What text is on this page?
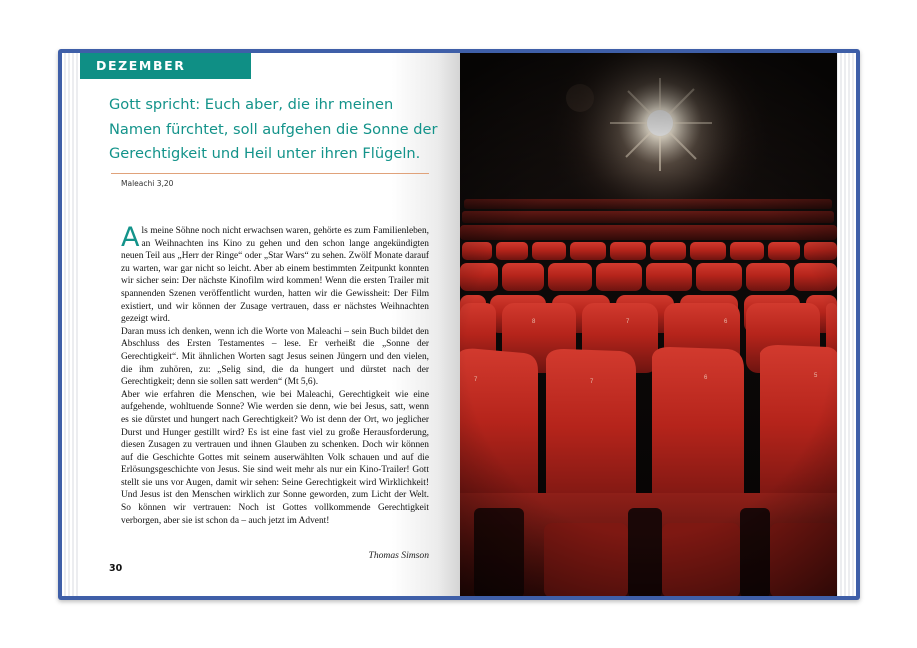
DEZEMBER
Gott spricht: Euch aber, die ihr meinen Namen fürchtet, soll aufgehen die Sonne der Gerechtigkeit und Heil unter ihren Flügeln.
Maleachi 3,20
A ls meine Söhne noch nicht erwachsen waren, gehörte es zum Familienleben, an Weihnachten ins Kino zu gehen und den schon lange angekündigten neuen Teil aus „Herr der Ringe“ oder „Star Wars“ zu sehen. Zwölf Monate darauf zu warten, war gar nicht so leicht. Aber ab einem bestimmten Zeitpunkt konnten wir sicher sein: Der nächste Kinofilm wird kommen! Wenn die ersten Trailer mit spannenden Szenen veröffentlicht wurden, hatten wir die Gewissheit: Der Film existiert, und wir können der Zusage vertrauen, dass er nächstes Weihnachten gezeigt wird.

Daran muss ich denken, wenn ich die Worte von Maleachi – sein Buch bildet den Abschluss des Ersten Testamentes – lese. Er verheißt die „Sonne der Gerechtigkeit“. Mit ähnlichen Worten sagt Jesus seinen Jüngern und den vielen, die ihm zuhören, zu: „Selig sind, die da hungert und dürstet nach der Gerechtigkeit; denn sie sollen satt werden“ (Mt 5,6).

Aber wie erfahren die Menschen, wie bei Maleachi, Gerechtigkeit wie eine aufgehende, wohltuende Sonne? Wie werden sie denn, wie bei Jesus, satt, wenn es sie dürstet und hungert nach Gerechtigkeit? Wo ist denn der Ort, wo jeglicher Durst und Hunger gestillt wird? Es ist eine fast viel zu große Herausforderung, diesen Zusagen zu vertrauen und ihnen Glauben zu schenken. Doch wir können auf die Geschichte Gottes mit seinem auserwählten Volk schauen und auf die Erlösungsgeschichte von Jesus. Sie sind weit mehr als nur ein Kino-Trailer! Gott stellt sie uns vor Augen, damit wir sehen: Seine Gerechtigkeit wird Wirklichkeit! Und Jesus ist den Menschen wirklich zur Sonne geworden, zum Licht der Welt. So können wir vertrauen: Noch ist Gottes vollkommende Gerechtigkeit verborgen, aber sie ist schon da – auch jetzt im Advent!

Thomas Simson
30
